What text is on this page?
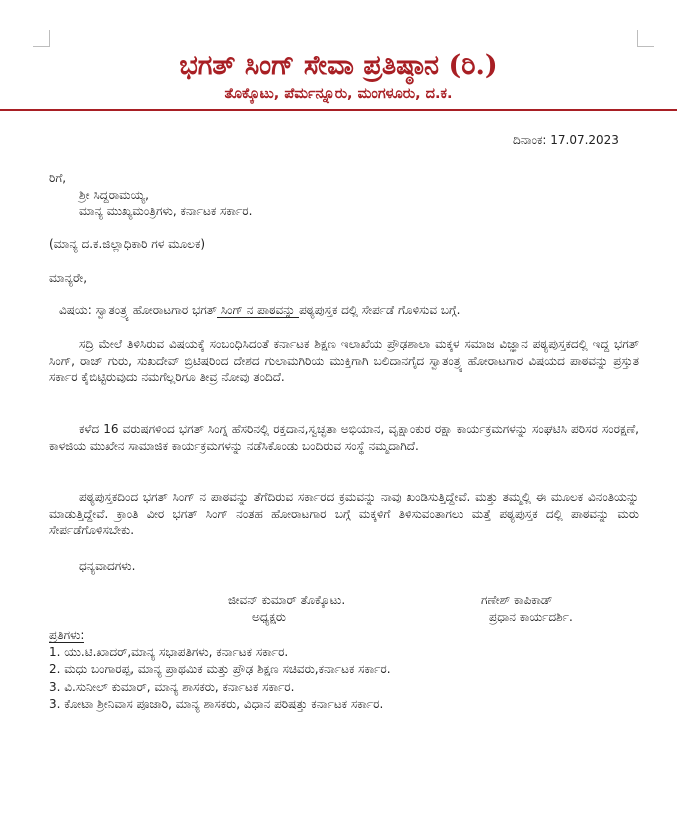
ಭಗತ್ ಸಿಂಗ್ ಸೇವಾ ಪ್ರತಿಷ್ಠಾನ (ರಿ.)
ತೊಕ್ಕೊಟು, ಪೆರ್ಮನ್ನೂರು, ಮಂಗಳೂರು, ದ.ಕ.
ದಿನಾಂಕ: 17.07.2023
ರಿಗೆ,
ಶ್ರೀ ಸಿದ್ದರಾಮಯ್ಯ,
ಮಾನ್ಯ ಮುಖ್ಯಮಂತ್ರಿಗಳು, ಕರ್ನಾಟಕ ಸರ್ಕಾರ.
(ಮಾನ್ಯ ದ.ಕ.ಜಿಲ್ಲಾಧಿಕಾರಿ ಗಳ ಮೂಲಕ)
ಮಾನ್ಯರೇ,
ವಿಷಯ: ಸ್ವಾತಂತ್ರ್ಯ ಹೋರಾಟಗಾರ ಭಗತ್ ಸಿಂಗ್ ನ ಪಾಠವನ್ನು ಪಠ್ಯಪುಸ್ತಕ ದಲ್ಲಿ ಸೇರ್ಪಡೆ ಗೊಳಿಸುವ ಬಗ್ಗೆ.
ಸದ್ರಿ ಮೇಲೆ ತಿಳಿಸಿರುವ ವಿಷಯಕ್ಕೆ ಸಂಬಂಧಿಸಿದಂತೆ ಕರ್ನಾಟಕ ಶಿಕ್ಷಣ ಇಲಾಖೆಯ ಪ್ರೌಢಶಾಲಾ ಮಕ್ಕಳ ಸಮಾಜ ವಿಜ್ಞಾನ ಪಠ್ಯಪುಸ್ತಕದಲ್ಲಿ ಇದ್ದ ಭಗತ್ ಸಿಂಗ್, ರಾಜ್ ಗುರು, ಸುಖದೇವ್ ಬ್ರಿಟಿಷರಿಂದ ದೇಶದ ಗುಲಾಮಗಿರಿಯ ಮುಕ್ತಿಗಾಗಿ ಬಲಿದಾನಗೈದ ಸ್ವಾತಂತ್ರ್ಯ ಹೋರಾಟಗಾರ ವಿಷಯದ ಪಾಠವನ್ನು ಪ್ರಸ್ತುತ ಸರ್ಕಾರ ಕೈಬಿಟ್ಟಿರುವುದು ನಮಗೆಲ್ಲರಿಗೂ ತೀವ್ರ ನೋವು ತಂದಿದೆ.
ಕಳೆದ 16 ವರುಷಗಳಿಂದ ಭಗತ್ ಸಿಂಗ್ನ ಹೆಸರಿನಲ್ಲಿ ರಕ್ತದಾನ,ಸ್ವಚ್ಛತಾ ಅಭಿಯಾನ, ವೃಕ್ಷಾಂಕುರ ರಕ್ಷಾ ಕಾರ್ಯಕ್ರಮಗಳನ್ನು ಸಂಘಟಿಸಿ ಪರಿಸರ ಸಂರಕ್ಷಣೆ, ಕಾಳಜಿಯ ಮುಖೇನ ಸಾಮಾಜಿಕ ಕಾರ್ಯಕ್ರಮಗಳನ್ನು ನಡೆಸಿಕೊಂಡು ಬಂದಿರುವ ಸಂಸ್ಥೆ ನಮ್ಮದಾಗಿದೆ.
ಪಠ್ಯಪುಸ್ತಕದಿಂದ ಭಗತ್ ಸಿಂಗ್ ನ ಪಾಠವನ್ನು ತೆಗೆದಿರುವ ಸರ್ಕಾರದ ಕ್ರಮವನ್ನು ನಾವು ಖಂಡಿಸುತ್ತಿದ್ದೇವೆ. ಮತ್ತು ತಮ್ಮಲ್ಲಿ ಈ ಮೂಲಕ ವಿನಂತಿಯನ್ನು ಮಾಡುತ್ತಿದ್ದೇವೆ. ಕ್ರಾಂತಿ ವೀರ ಭಗತ್ ಸಿಂಗ್ ನಂತಹ ಹೋರಾಟಗಾರ ಬಗ್ಗೆ ಮಕ್ಕಳಿಗೆ ತಿಳಿಸುವಂತಾಗಲು ಮತ್ತೆ ಪಠ್ಯಪುಸ್ತಕ ದಲ್ಲಿ ಪಾಠವನ್ನು ಮರು ಸೇರ್ಪಡೆಗೊಳಿಸಬೇಕು.
ಧನ್ಯವಾದಗಳು.
ಜೀವನ್ ಕುಮಾರ್ ತೊಕ್ಕೊಟು.
ಅಧ್ಯಕ್ಷರು
ಗಣೇಶ್ ಕಾಪಿಕಾಡ್
ಪ್ರಧಾನ ಕಾರ್ಯದರ್ಶಿ.
ಪ್ರತಿಗಳು:
1. ಯು.ಟಿ.ಖಾದರ್,ಮಾನ್ಯ ಸಭಾಪತಿಗಳು, ಕರ್ನಾಟಕ ಸರ್ಕಾರ.
2. ಮಧು ಬಂಗಾರಪ್ಪ, ಮಾನ್ಯ ಪ್ರಾಥಮಿಕ ಮತ್ತು ಪ್ರೌಢ ಶಿಕ್ಷಣ ಸಚಿವರು,ಕರ್ನಾಟಕ ಸರ್ಕಾರ.
3. ವಿ.ಸುನೀಲ್ ಕುಮಾರ್, ಮಾನ್ಯ ಶಾಸಕರು, ಕರ್ನಾಟಕ ಸರ್ಕಾರ.
3. ಕೋಟಾ ಶ್ರೀನಿವಾಸ ಪೂಜಾರಿ, ಮಾನ್ಯ ಶಾಸಕರು, ವಿಧಾನ ಪರಿಷತ್ತು ಕರ್ನಾಟಕ ಸರ್ಕಾರ.
